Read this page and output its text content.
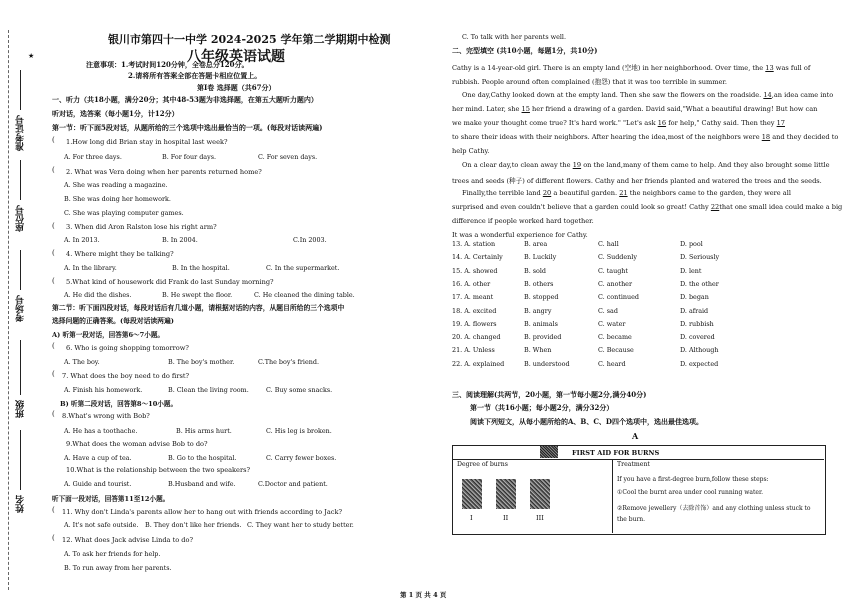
★
准考证号
座位号
考场号
班级
姓名
银川市第四十一中学 2024-2025 学年第二学期期中检测
八年级英语试题
注意事项：1.考试时间120分钟，全卷总分120分。
2.请将所有答案全部在答题卡相应位置上。
第Ⅰ卷 选择题（共67分）
一、听力（共18小题，满分20分；其中48-53题为非选择题，在第五大题听力题内）
听对话，选答案（每小题1分，计12分）
第一节：听下面5段对话，从题所给的三个选项中选出最恰当的一项。(每段对话读两遍)
( 1.How long did Brian stay in hospital last week?
A. For three days.	B. For four days.	C. For seven days.
( 2. What was Vera doing when her parents returned home?
A. She was reading a magazine.
B. She was doing her homework.
C. She was playing computer games.
( 3. When did Aron Ralston lose his right arm?
A. In 2013.	B. In 2004.	C.In 2003.
( 4. Where might they be talking?
A. In the library.	B. In the hospital.	C. In the supermarket.
( 5.What kind of housework did Frank do last Sunday morning?
A. He did the dishes.	B. He swept the floor.	C. He cleaned the dining table.
第二节：听下面四段对话，每段对话后有几道小题，请根据对话的内容，从题目所给的三个选项中
选择问题的正确答案。(每段对话读两遍)
A) 听第一段对话，回答第6～7小题。
( 6. Who is going shopping tomorrow?
A. The boy.	B. The boy's mother.	C.The boy's friend.
( 7. What does the boy need to do first?
A. Finish his homework.	B. Clean the living room.	C. Buy some snacks.
B) 听第二段对话，回答第8～10小题。
( 8.What's wrong with Bob?
A. He has a toothache.	B. His arms hurt.	C. His leg is broken.
9.What does the woman advise Bob to do?
A. Have a cup of tea.	B. Go to the hospital.	C. Carry fewer boxes.
10.What is the relationship between the two speakers?
A. Guide and tourist.	B.Husband and wife.	C.Doctor and patient.
听下面一段对话，回答第11至12小题。
( 11. Why don't Linda's parents allow her to hang out with friends according to Jack?
A. It's not safe outside. B. They don't like her friends. C. They want her to study better.
( 12. What does Jack advise Linda to do?
A. To ask her friends for help.
B. To run away from her parents.
C. To talk with her parents well.
二、完型填空 (共10小题，每题1分，共10分)
Cathy is a 14-year-old girl. There is an empty land (空地) in her neighborhood. Over time, the 13 was full of
rubbish. People around often complained (抱怨) that it was too terrible in summer.
One day,Cathy looked down at the empty land. Then she saw the flowers on the roadside. 14,an idea came into
her mind. Later, she 15 her friend a drawing of a garden. David said,"What a beautiful drawing! But how can
we make your thought come true? It's hard work." "Let's ask 16 for help," Cathy said. Then they 17
to share their ideas with their neighbors. After hearing the idea,most of the neighbors were 18 and they decided to
help Cathy.
On a clear day,to clean away the 19 on the land,many of them came to help. And they also brought some little
trees and seeds (种子) of different flowers. Cathy and her friends planted and watered the trees and the seeds.
Finally,the terrible land 20 a beautiful garden. 21 the neighbors came to the garden, they were all
surprised and even couldn't believe that a garden could look so great! Cathy 22that one small idea could make a big
difference if people worked hard together.
It was a wonderful experience for Cathy.
13. A. station	B. area	C. hall	D. pool
14. A. Certainly	B. Luckily	C. Suddenly	D. Seriously
15. A. showed	B. sold	C. taught	D. lent
16. A. other	B. others	C. another	D. the other
17. A. meant	B. stopped	C. continued	D. began
18. A. excited	B. angry	C. sad	D. afraid
19. A. flowers	B. animals	C. water	D. rubbish
20. A. changed	B. provided	C. became	D. covered
21. A. Unless	B. When	C. Because	D. Although
22. A. explained	B. understood	C. heard	D. expected
三、阅读理解(共两节，20小题，第一节每小题2分,满分40分)
第一节（共16小题；每小题2分，满分32分）
阅读下列短文，从每小题所给的A、B、C、D四个选项中，选出最佳选项。
A
FIRST AID FOR BURNS
Degree of burns
I	II	III
Treatment
If you have a first-degree burn,follow these steps:
①Cool the burnt area under cool running water.
②Remove jewellery（去除首饰）and any clothing unless stuck to
the burn.
第 1 页 共 4 页
